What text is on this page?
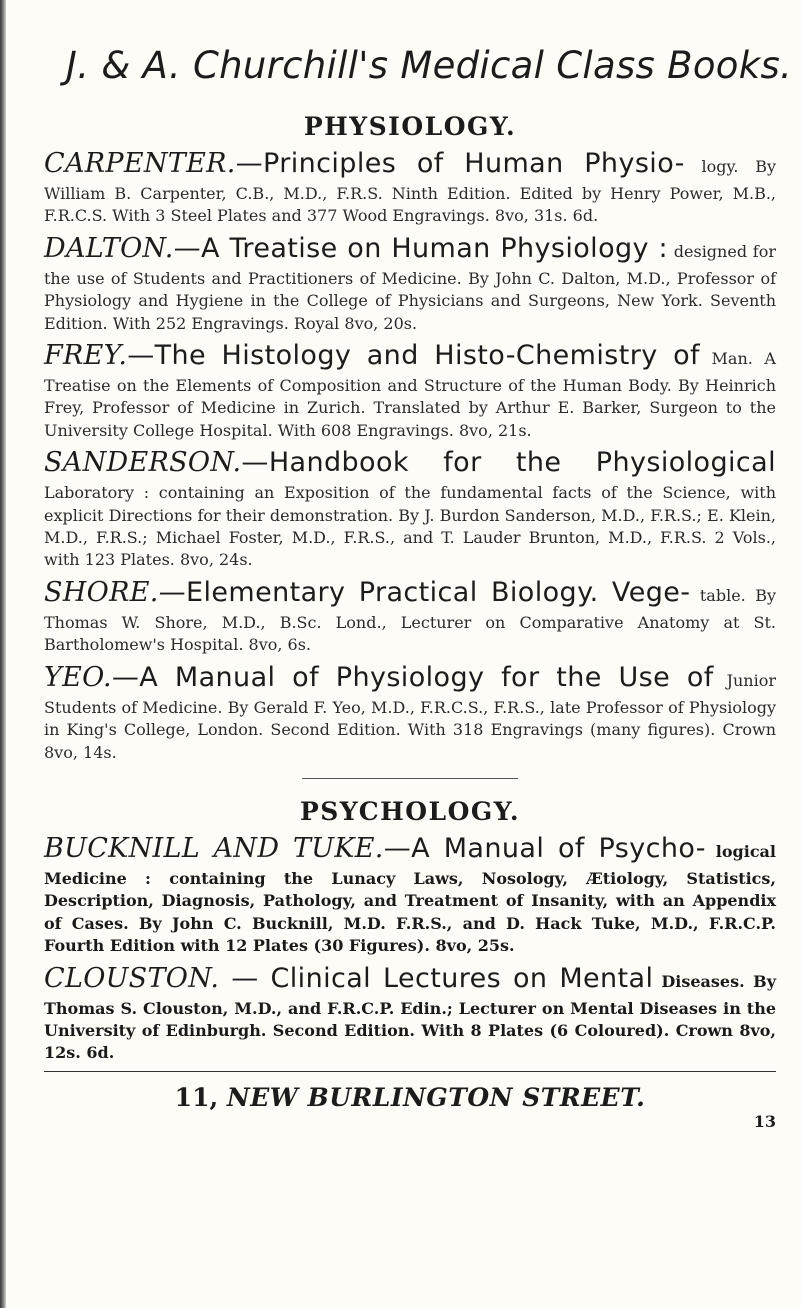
J. & A. Churchill's Medical Class Books.
PHYSIOLOGY.
CARPENTER.—Principles of Human Physio- logy. By William B. Carpenter, C.B., M.D., F.R.S. Ninth Edition. Edited by Henry Power, M.B., F.R.C.S. With 3 Steel Plates and 377 Wood Engravings. 8vo, 31s. 6d.
DALTON.—A Treatise on Human Physiology : designed for the use of Students and Practitioners of Medicine. By John C. Dalton, M.D., Professor of Physiology and Hygiene in the College of Physicians and Surgeons, New York. Seventh Edition. With 252 Engravings. Royal 8vo, 20s.
FREY.—The Histology and Histo-Chemistry of Man. A Treatise on the Elements of Composition and Structure of the Human Body. By Heinrich Frey, Professor of Medicine in Zurich. Translated by Arthur E. Barker, Surgeon to the University College Hospital. With 608 Engravings. 8vo, 21s.
SANDERSON.—Handbook for the Physiological Laboratory : containing an Exposition of the fundamental facts of the Science, with explicit Directions for their demonstration. By J. Burdon Sanderson, M.D., F.R.S.; E. Klein, M.D., F.R.S.; Michael Foster, M.D., F.R.S., and T. Lauder Brunton, M.D., F.R.S. 2 Vols., with 123 Plates. 8vo, 24s.
SHORE.—Elementary Practical Biology. Vege- table. By Thomas W. Shore, M.D., B.Sc. Lond., Lecturer on Comparative Anatomy at St. Bartholomew's Hospital. 8vo, 6s.
YEO.—A Manual of Physiology for the Use of Junior Students of Medicine. By Gerald F. Yeo, M.D., F.R.C.S., F.R.S., late Professor of Physiology in King's College, London. Second Edition. With 318 Engravings (many figures). Crown 8vo, 14s.
PSYCHOLOGY.
BUCKNILL AND TUKE.—A Manual of Psycho- logical Medicine : containing the Lunacy Laws, Nosology, Ætiology, Statistics, Description, Diagnosis, Pathology, and Treatment of Insanity, with an Appendix of Cases. By John C. Bucknill, M.D. F.R.S., and D. Hack Tuke, M.D., F.R.C.P. Fourth Edition with 12 Plates (30 Figures). 8vo, 25s.
CLOUSTON. — Clinical Lectures on Mental Diseases. By Thomas S. Clouston, M.D., and F.R.C.P. Edin.; Lecturer on Mental Diseases in the University of Edinburgh. Second Edition. With 8 Plates (6 Coloured). Crown 8vo, 12s. 6d.
11, NEW BURLINGTON STREET.
13
